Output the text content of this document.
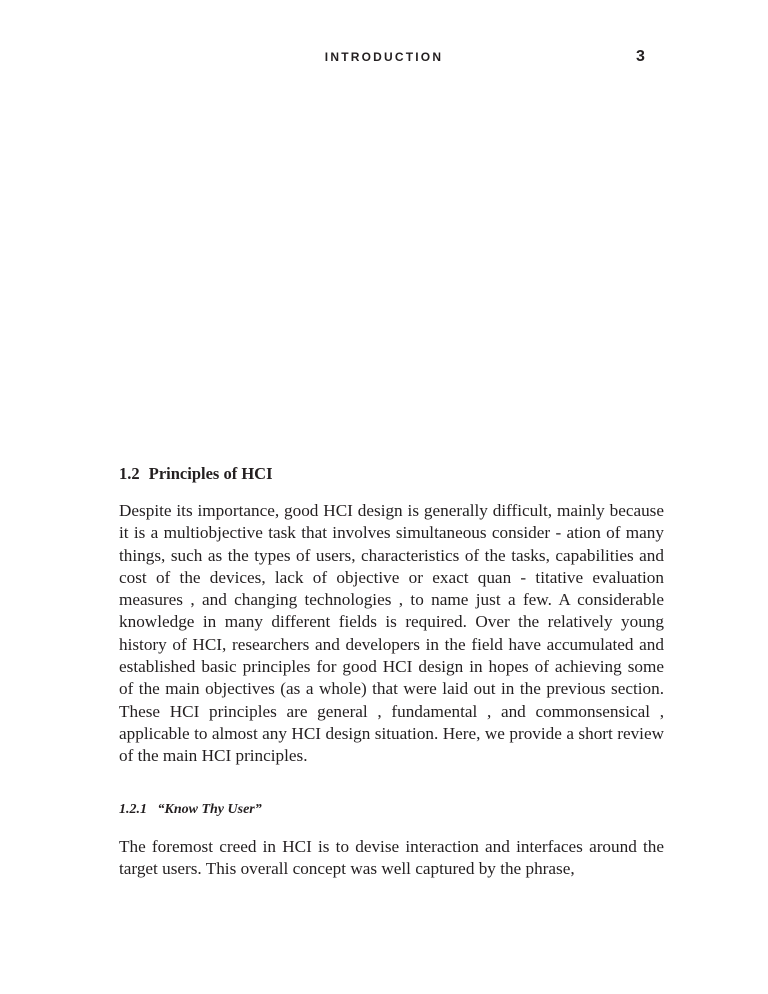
INTRODUCTION	3
1.2 Principles of HCI

Despite its importance, good HCI design is generally difficult, mainly because it is a multiobjective task that involves simultaneous consider - ation of many things, such as the types of users, characteristics of the tasks, capabilities and cost of the devices, lack of objective or exact quan - titative evaluation measures , and changing technologies , to name just a few. A considerable knowledge in many different fields is required. Over the relatively young history of HCI, researchers and developers in the field have accumulated and established basic principles for good HCI design in hopes of achieving some of the main objectives (as a whole) that were laid out in the previous section. These HCI principles are general , fundamental , and commonsensical , applicable to almost any HCI design situation. Here, we provide a short review of the main HCI principles.

1.2.1 “Know Thy User”

The foremost creed in HCI is to devise interaction and interfaces around the target users. This overall concept was well captured by the phrase,
